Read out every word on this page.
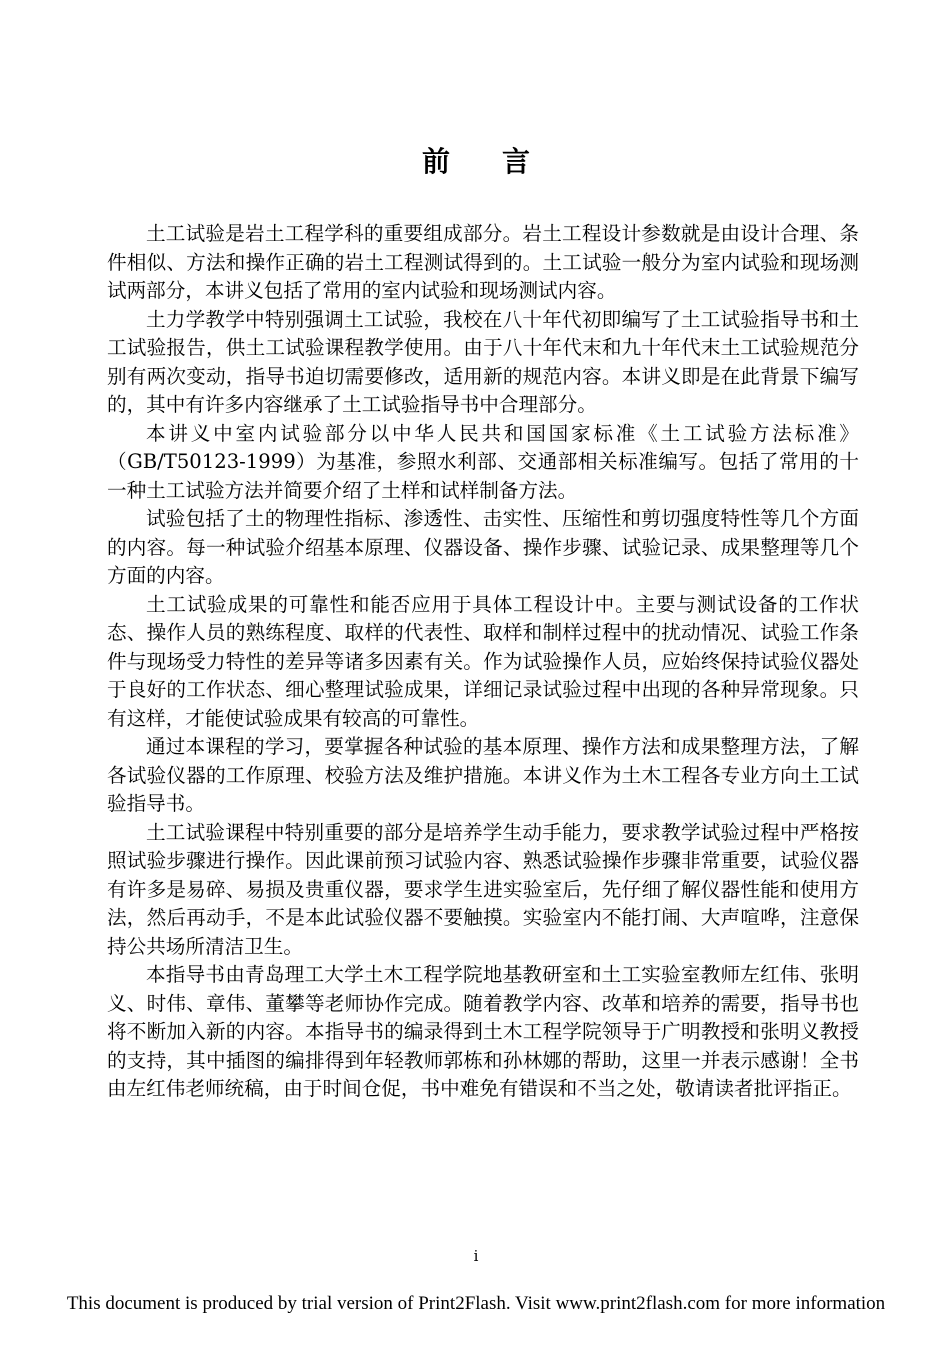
前言

土工试验是岩土工程学科的重要组成部分。岩土工程设计参数就是由设计合理、条件相似、方法和操作正确的岩土工程测试得到的。土工试验一般分为室内试验和现场测试两部分，本讲义包括了常用的室内试验和现场测试内容。

土力学教学中特别强调土工试验，我校在八十年代初即编写了土工试验指导书和土工试验报告，供土工试验课程教学使用。由于八十年代末和九十年代末土工试验规范分别有两次变动，指导书迫切需要修改，适用新的规范内容。本讲义即是在此背景下编写的，其中有许多内容继承了土工试验指导书中合理部分。

本讲义中室内试验部分以中华人民共和国国家标准《土工试验方法标准》（GB/T50123-1999）为基准，参照水利部、交通部相关标准编写。包括了常用的十一种土工试验方法并简要介绍了土样和试样制备方法。

试验包括了土的物理性指标、渗透性、击实性、压缩性和剪切强度特性等几个方面的内容。每一种试验介绍基本原理、仪器设备、操作步骤、试验记录、成果整理等几个方面的内容。

土工试验成果的可靠性和能否应用于具体工程设计中。主要与测试设备的工作状态、操作人员的熟练程度、取样的代表性、取样和制样过程中的扰动情况、试验工作条件与现场受力特性的差异等诸多因素有关。作为试验操作人员，应始终保持试验仪器处于良好的工作状态、细心整理试验成果，详细记录试验过程中出现的各种异常现象。只有这样，才能使试验成果有较高的可靠性。

通过本课程的学习，要掌握各种试验的基本原理、操作方法和成果整理方法，了解各试验仪器的工作原理、校验方法及维护措施。本讲义作为土木工程各专业方向土工试验指导书。

土工试验课程中特别重要的部分是培养学生动手能力，要求教学试验过程中严格按照试验步骤进行操作。因此课前预习试验内容、熟悉试验操作步骤非常重要，试验仪器有许多是易碎、易损及贵重仪器，要求学生进实验室后，先仔细了解仪器性能和使用方法，然后再动手，不是本此试验仪器不要触摸。实验室内不能打闹、大声喧哗，注意保持公共场所清洁卫生。

本指导书由青岛理工大学土木工程学院地基教研室和土工实验室教师左红伟、张明义、时伟、章伟、董攀等老师协作完成。随着教学内容、改革和培养的需要，指导书也将不断加入新的内容。本指导书的编录得到土木工程学院领导于广明教授和张明义教授的支持，其中插图的编排得到年轻教师郭栋和孙林娜的帮助，这里一并表示感谢！全书由左红伟老师统稿，由于时间仓促，书中难免有错误和不当之处，敬请读者批评指正。

i
This document is produced by trial version of Print2Flash. Visit www.print2flash.com for more information
